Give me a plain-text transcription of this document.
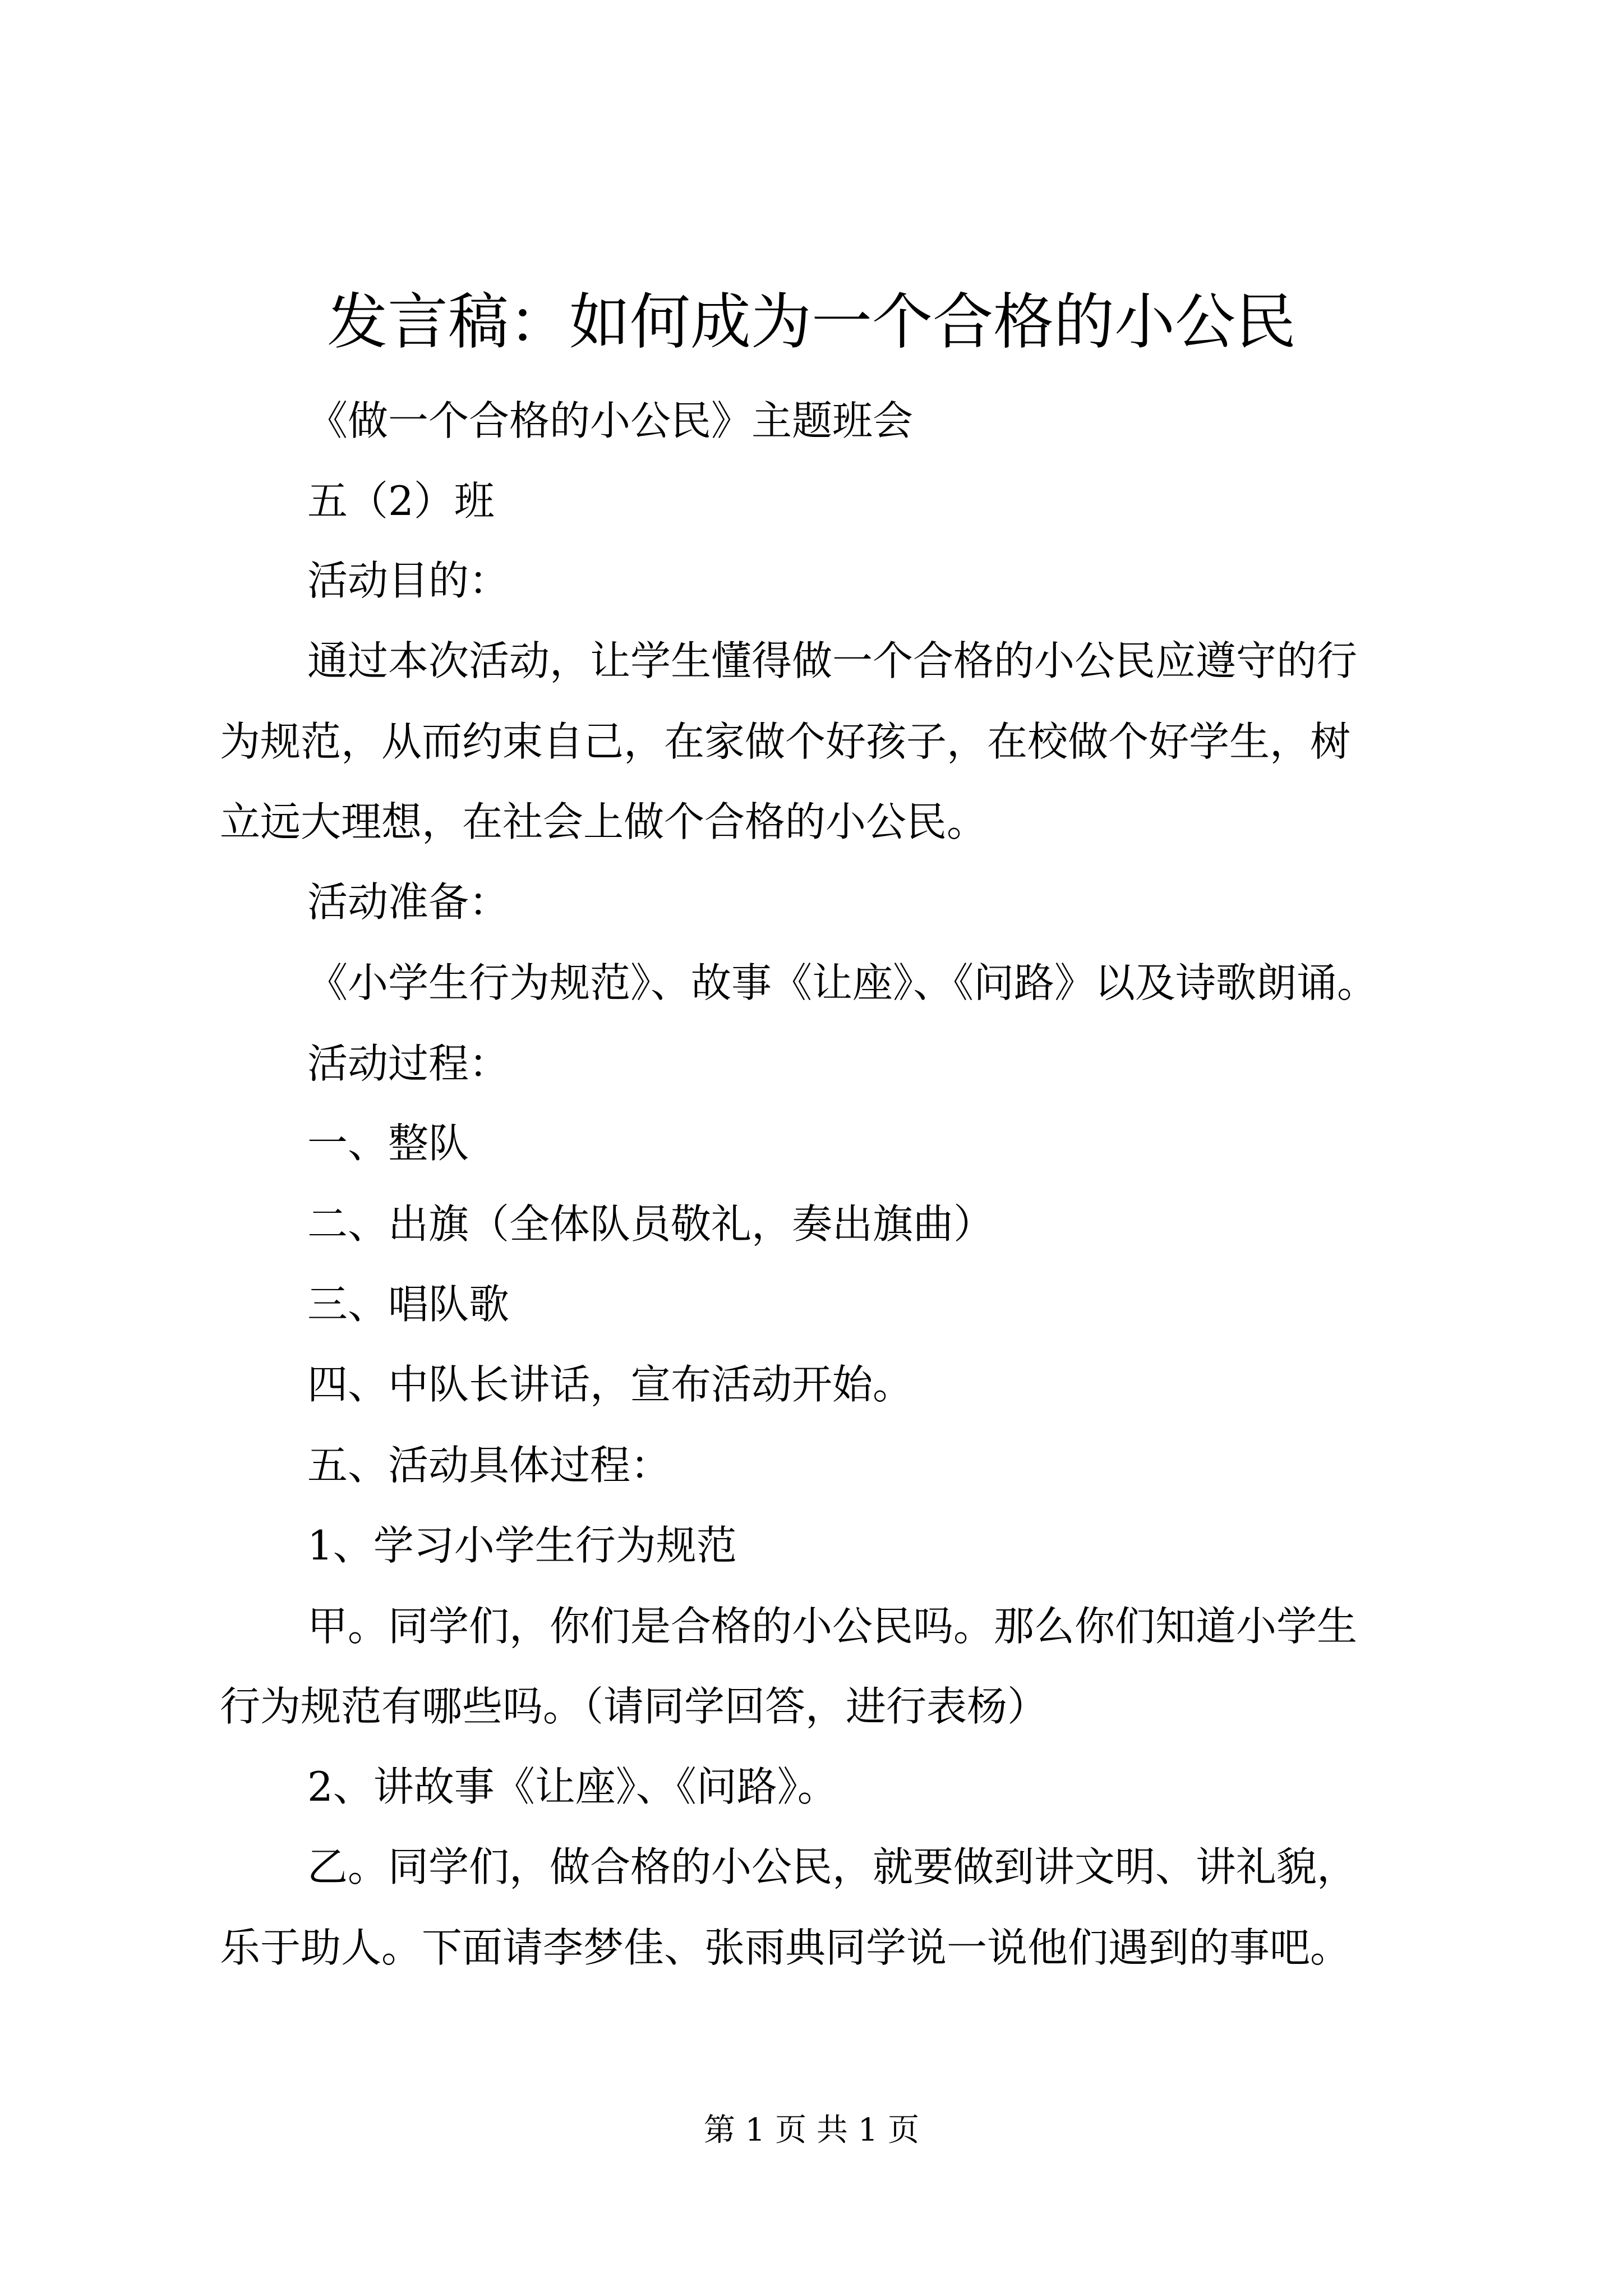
发言稿：如何成为一个合格的小公民
《做一个合格的小公民》主题班会
五（2）班
活动目的：
通过本次活动，让学生懂得做一个合格的小公民应遵守的行
为规范，从而约束自己，在家做个好孩子，在校做个好学生，树
立远大理想，在社会上做个合格的小公民。
活动准备：
《小学生行为规范》、故事《让座》、《问路》以及诗歌朗诵。
活动过程：
一、整队
二、出旗（全体队员敬礼，奏出旗曲）
三、唱队歌
四、中队长讲话，宣布活动开始。
五、活动具体过程：
1、学习小学生行为规范
甲。同学们，你们是合格的小公民吗。那么你们知道小学生
行为规范有哪些吗。（请同学回答，进行表杨）
2、讲故事《让座》、《问路》。
乙。同学们，做合格的小公民，就要做到讲文明、讲礼貌，
乐于助人。下面请李梦佳、张雨典同学说一说他们遇到的事吧。
第 1 页 共 1 页
